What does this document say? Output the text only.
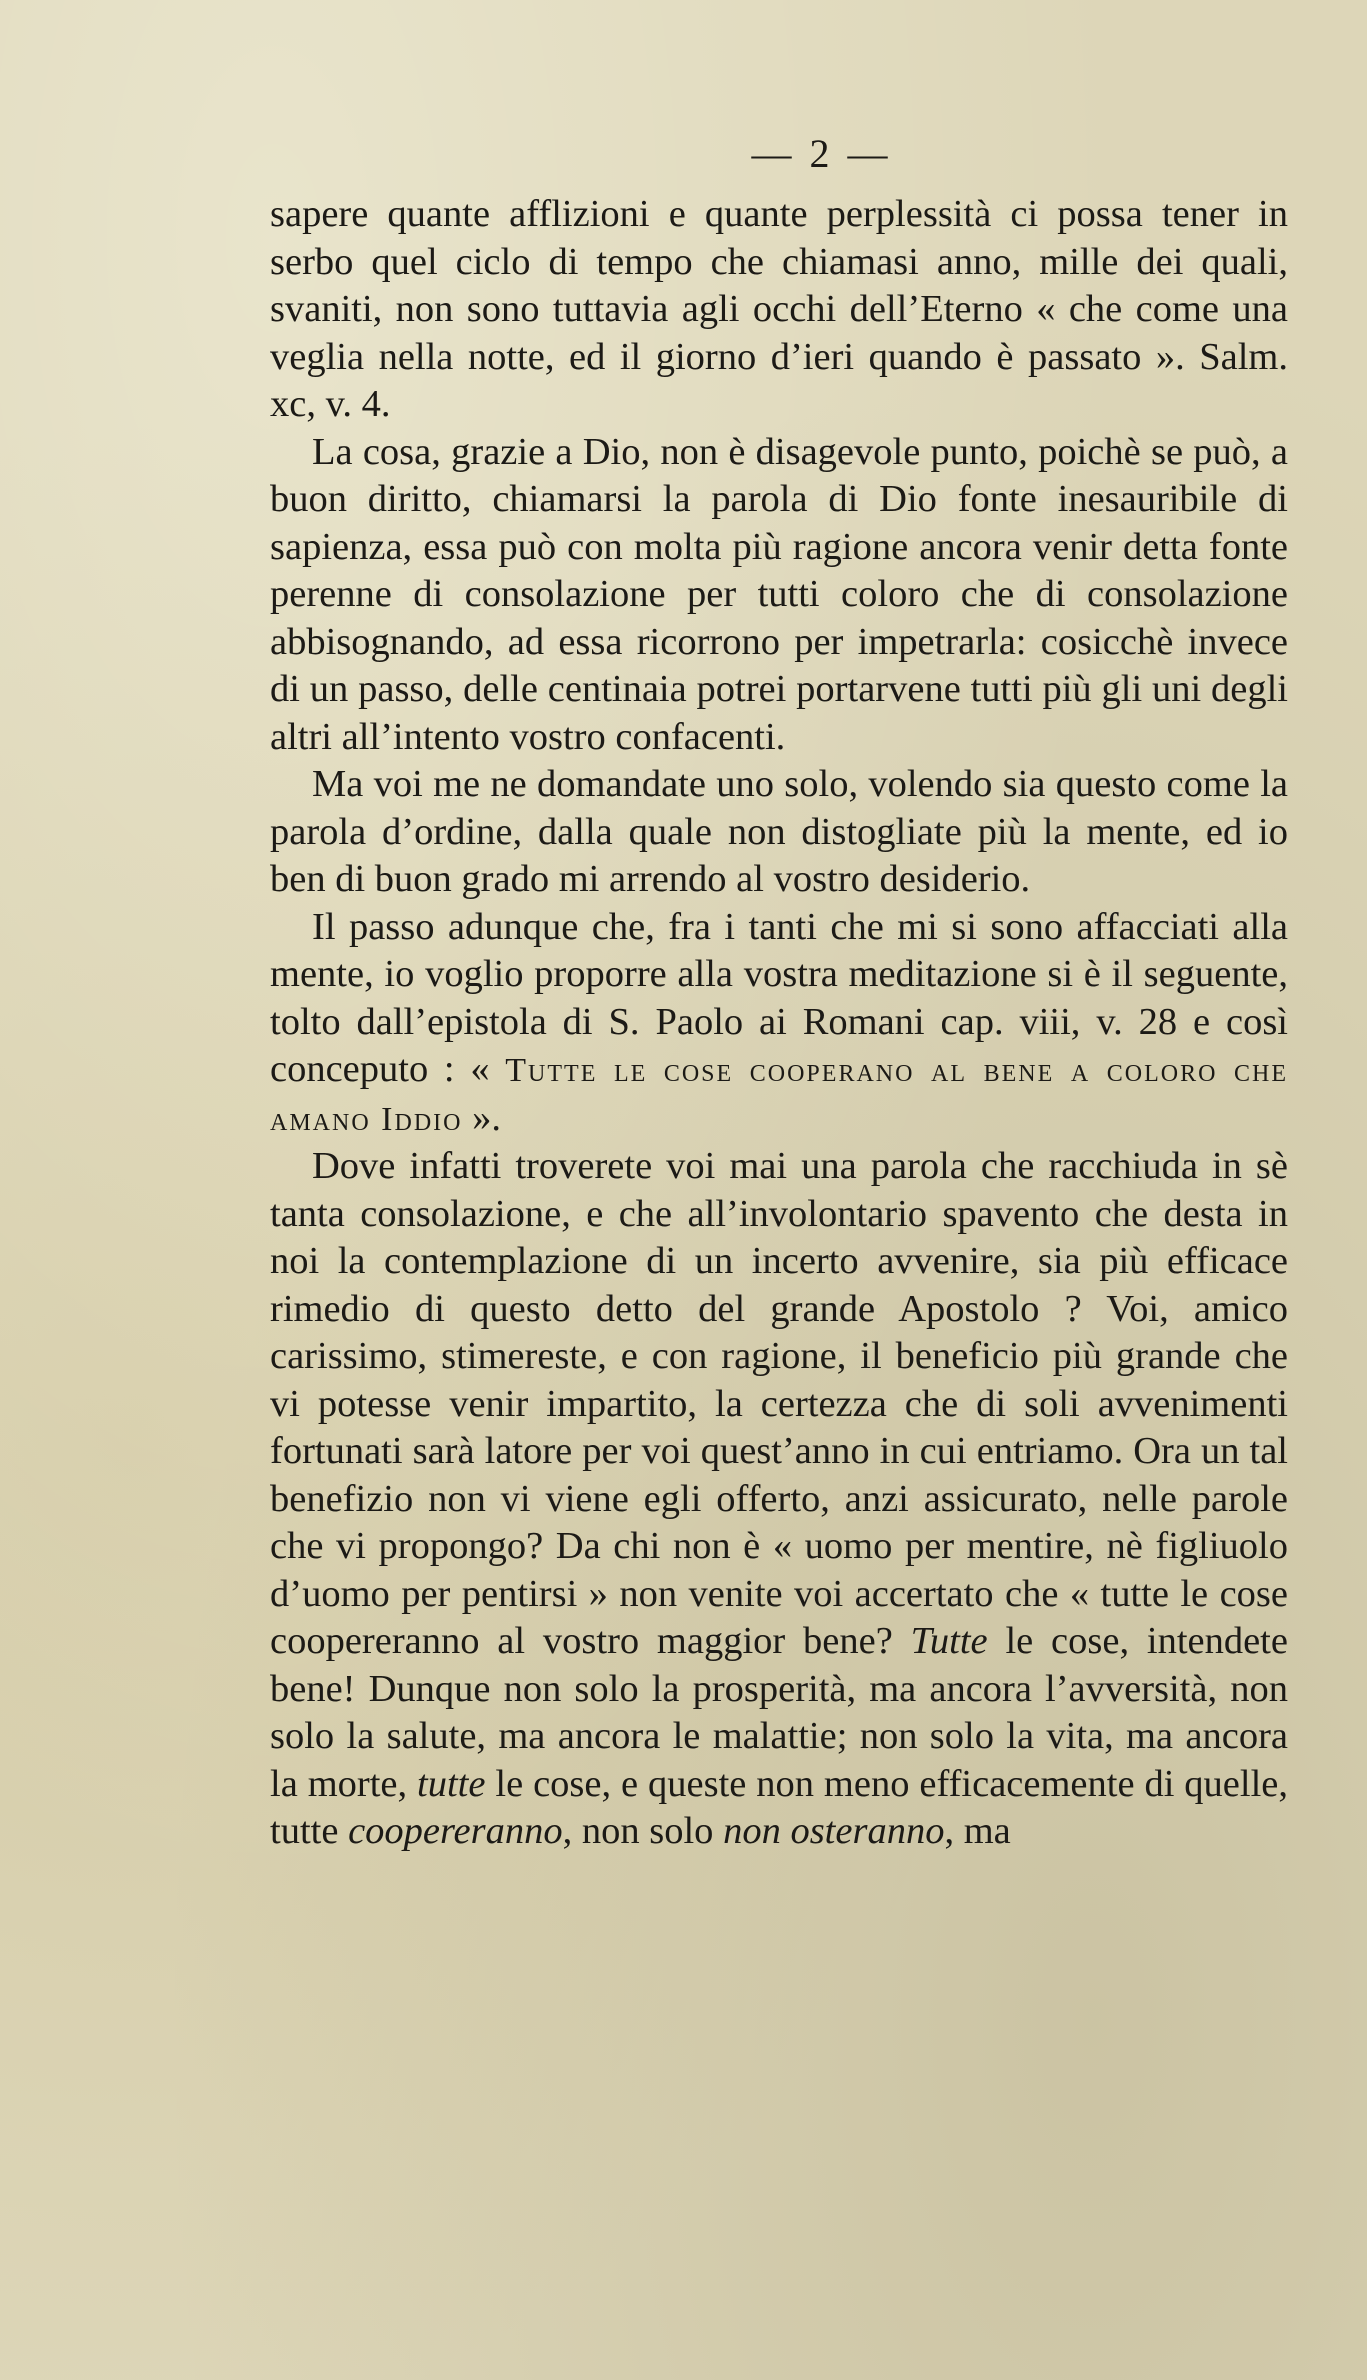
— 2 —

sapere quante afflizioni e quante perplessità ci possa tener in serbo quel ciclo di tempo che chiamasi anno, mille dei quali, svaniti, non sono tuttavia agli occhi dell’Eterno « che come una veglia nella notte, ed il giorno d’ieri quando è passato ». Salm. xc, v. 4.

La cosa, grazie a Dio, non è disagevole punto, poichè se può, a buon diritto, chiamarsi la parola di Dio fonte inesauribile di sapienza, essa può con molta più ragione ancora venir detta fonte perenne di consolazione per tutti coloro che di consolazione abbisognando, ad essa ricorrono per impetrarla: cosicchè invece di un passo, delle centinaia potrei portarvene tutti più gli uni degli altri all’intento vostro confacenti.

Ma voi me ne domandate uno solo, volendo sia questo come la parola d’ordine, dalla quale non distogliate più la mente, ed io ben di buon grado mi arrendo al vostro desiderio.

Il passo adunque che, fra i tanti che mi si sono affacciati alla mente, io voglio proporre alla vostra meditazione si è il seguente, tolto dall’epistola di S. Paolo ai Romani cap. viii, v. 28 e così conceputo : « Tutte le cose cooperano al bene a coloro che amano Iddio ».

Dove infatti troverete voi mai una parola che racchiuda in sè tanta consolazione, e che all’involontario spavento che desta in noi la contemplazione di un incerto avvenire, sia più efficace rimedio di questo detto del grande Apostolo ? Voi, amico carissimo, stimereste, e con ragione, il beneficio più grande che vi potesse venir impartito, la certezza che di soli avvenimenti fortunati sarà latore per voi quest’anno in cui entriamo. Ora un tal benefizio non vi viene egli offerto, anzi assicurato, nelle parole che vi propongo? Da chi non è « uomo per mentire, nè figliuolo d’uomo per pentirsi » non venite voi accertato che « tutte le cose coopereranno al vostro maggior bene? Tutte le cose, intendete bene! Dunque non solo la prosperità, ma ancora l’avversità, non solo la salute, ma ancora le malattie; non solo la vita, ma ancora la morte, tutte le cose, e queste non meno efficacemente di quelle, tutte coopereranno, non solo non osteranno, ma
